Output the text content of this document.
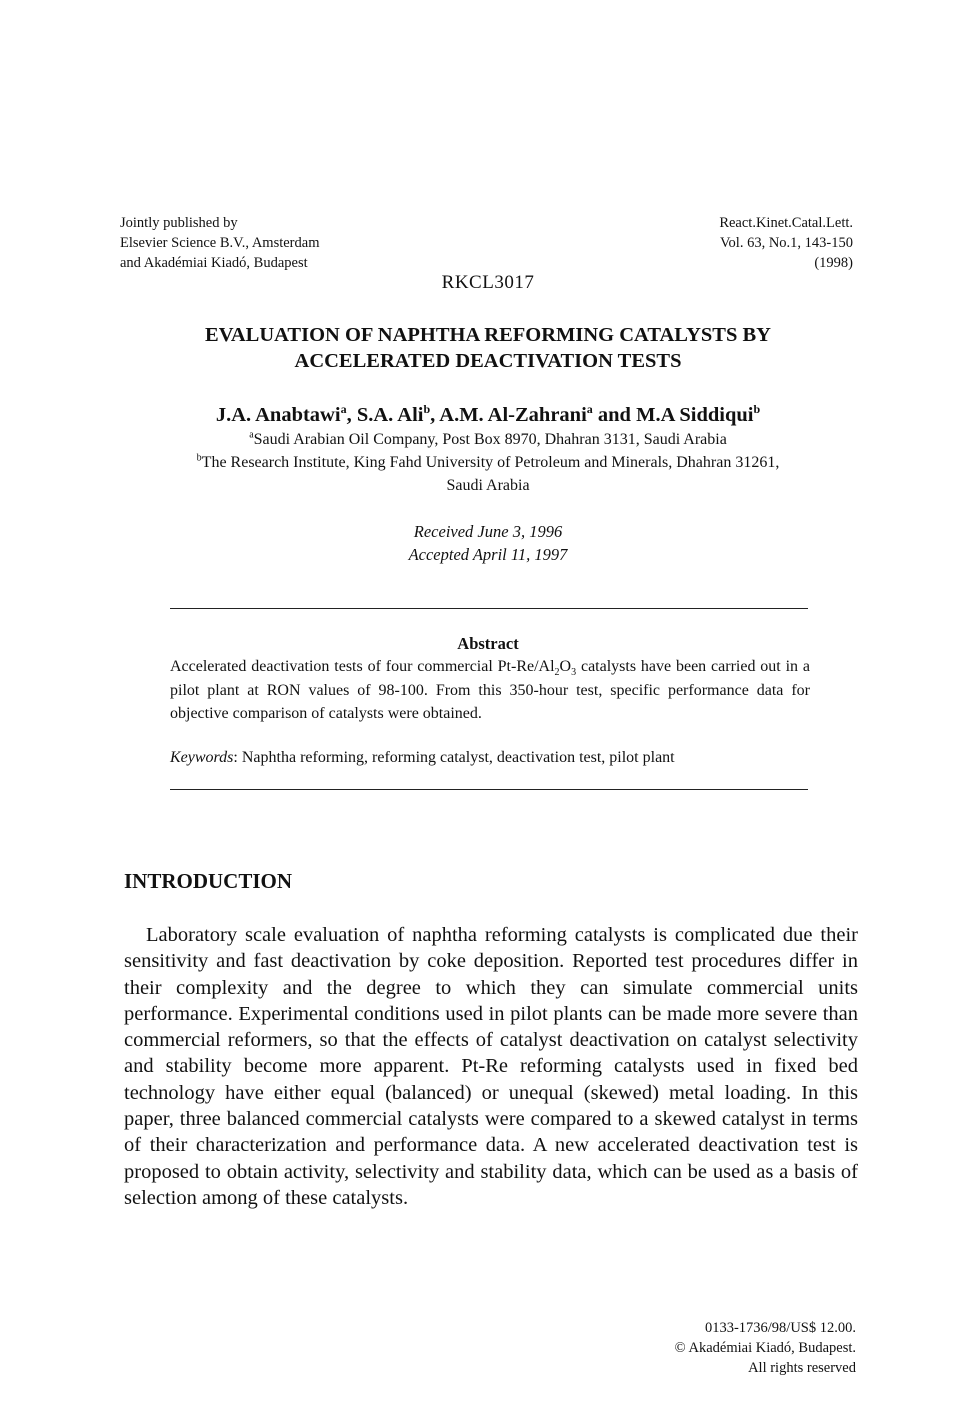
Jointly published by
Elsevier Science B.V., Amsterdam
and Akadémiai Kiadó, Budapest
React.Kinet.Catal.Lett.
Vol. 63, No.1, 143-150
(1998)
RKCL3017
EVALUATION OF NAPHTHA REFORMING CATALYSTS BY
ACCELERATED DEACTIVATION TESTS
J.A. Anabtawi$^a$, S.A. Ali$^b$, A.M. Al-Zahrani$^a$ and M.A Siddiqui$^b$
$^a$Saudi Arabian Oil Company, Post Box 8970, Dhahran 3131, Saudi Arabia
$^b$The Research Institute, King Fahd University of Petroleum and Minerals, Dhahran 31261,
Saudi Arabia
Received June 3, 1996
Accepted April 11, 1997
Abstract
Accelerated deactivation tests of four commercial $Pt-Re/Al_2O_3$ catalysts have been carried out in a pilot plant at RON values of 98-100. From this 350-hour test, specific performance data for objective comparison of catalysts were obtained.
Keywords: Naphtha reforming, reforming catalyst, deactivation test, pilot plant
INTRODUCTION
Laboratory scale evaluation of naphtha reforming catalysts is complicated due their sensitivity and fast deactivation by coke deposition. Reported test procedures differ in their complexity and the degree to which they can simulate commercial units performance. Experimental conditions used in pilot plants can be made more severe than commercial reformers, so that the effects of catalyst deactivation on catalyst selectivity and stability become more apparent. Pt-Re reforming catalysts used in fixed bed technology have either equal (balanced) or unequal (skewed) metal loading. In this paper, three balanced commercial catalysts were compared to a skewed catalyst in terms of their characterization and performance data. A new accelerated deactivation test is proposed to obtain activity, selectivity and stability data, which can be used as a basis of selection among of these catalysts.
0133-1736/98/US$ 12.00.
© Akadémiai Kiadó, Budapest.
All rights reserved
